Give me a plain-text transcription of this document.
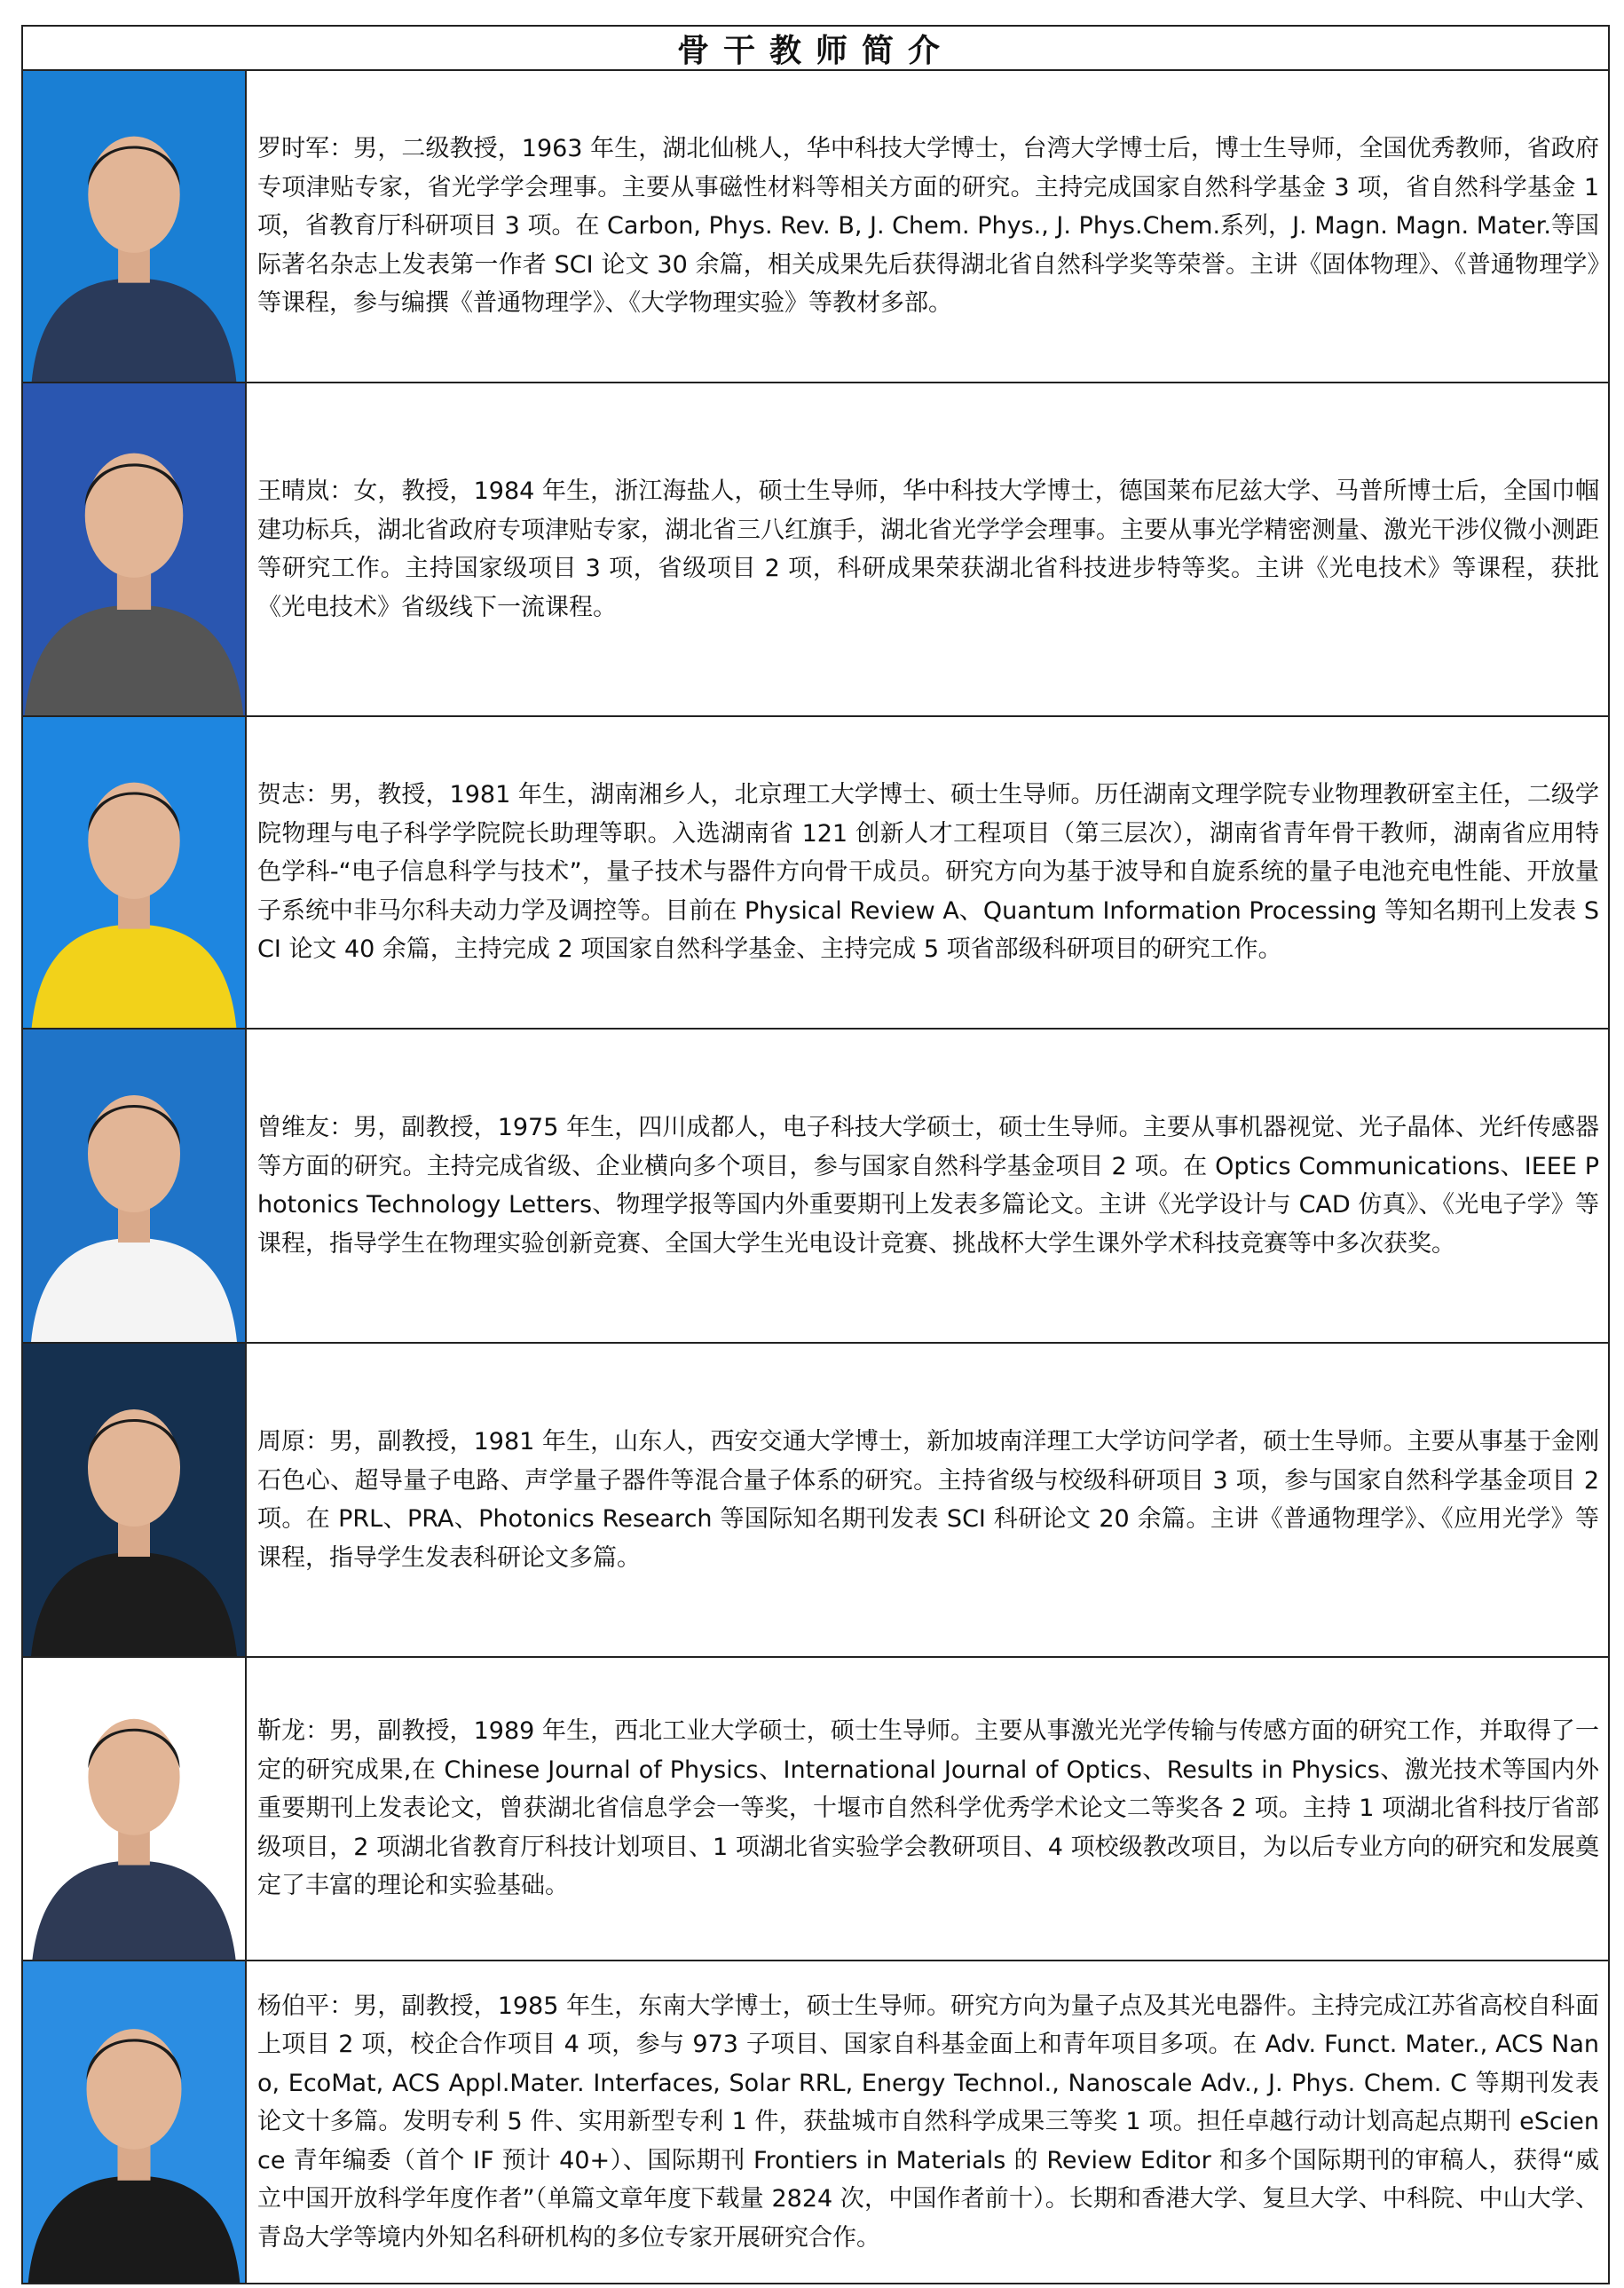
骨干教师简介

罗时军：男，二级教授，1963 年生，湖北仙桃人，华中科技大学博士，台湾大学博士后，博士生导师，全国优秀教师，省政府专项津贴专家，省光学学会理事。主要从事磁性材料等相关方面的研究。主持完成国家自然科学基金 3 项，省自然科学基金 1 项，省教育厅科研项目 3 项。在 Carbon, Phys. Rev. B, J. Chem. Phys., J. Phys.Chem.系列，J. Magn. Magn. Mater.等国际著名杂志上发表第一作者 SCI 论文 30 余篇，相关成果先后获得湖北省自然科学奖等荣誉。主讲《固体物理》、《普通物理学》等课程，参与编撰《普通物理学》、《大学物理实验》等教材多部。

王晴岚：女，教授，1984 年生，浙江海盐人，硕士生导师，华中科技大学博士，德国莱布尼兹大学、马普所博士后，全国巾帼建功标兵，湖北省政府专项津贴专家，湖北省三八红旗手，湖北省光学学会理事。主要从事光学精密测量、激光干涉仪微小测距等研究工作。主持国家级项目 3 项，省级项目 2 项，科研成果荣获湖北省科技进步特等奖。主讲《光电技术》等课程，获批《光电技术》省级线下一流课程。

贺志：男，教授，1981 年生，湖南湘乡人，北京理工大学博士、硕士生导师。历任湖南文理学院专业物理教研室主任，二级学院物理与电子科学学院院长助理等职。入选湖南省 121 创新人才工程项目（第三层次），湖南省青年骨干教师，湖南省应用特色学科-“电子信息科学与技术”，量子技术与器件方向骨干成员。研究方向为基于波导和自旋系统的量子电池充电性能、开放量子系统中非马尔科夫动力学及调控等。目前在 Physical Review A、Quantum Information Processing 等知名期刊上发表 SCI 论文 40 余篇，主持完成 2 项国家自然科学基金、主持完成 5 项省部级科研项目的研究工作。

曾维友：男，副教授，1975 年生，四川成都人，电子科技大学硕士，硕士生导师。主要从事机器视觉、光子晶体、光纤传感器等方面的研究。主持完成省级、企业横向多个项目，参与国家自然科学基金项目 2 项。在 Optics Communications、IEEE Photonics Technology Letters、物理学报等国内外重要期刊上发表多篇论文。主讲《光学设计与 CAD 仿真》、《光电子学》等课程，指导学生在物理实验创新竞赛、全国大学生光电设计竞赛、挑战杯大学生课外学术科技竞赛等中多次获奖。

周原：男，副教授，1981 年生，山东人，西安交通大学博士，新加坡南洋理工大学访问学者，硕士生导师。主要从事基于金刚石色心、超导量子电路、声学量子器件等混合量子体系的研究。主持省级与校级科研项目 3 项，参与国家自然科学基金项目 2 项。在 PRL、PRA、Photonics Research 等国际知名期刊发表 SCI 科研论文 20 余篇。主讲《普通物理学》、《应用光学》等课程，指导学生发表科研论文多篇。

靳龙：男，副教授，1989 年生，西北工业大学硕士，硕士生导师。主要从事激光光学传输与传感方面的研究工作，并取得了一定的研究成果,在 Chinese Journal of Physics、International Journal of Optics、Results in Physics、激光技术等国内外重要期刊上发表论文，曾获湖北省信息学会一等奖，十堰市自然科学优秀学术论文二等奖各 2 项。主持 1 项湖北省科技厅省部级项目，2 项湖北省教育厅科技计划项目、1 项湖北省实验学会教研项目、4 项校级教改项目，为以后专业方向的研究和发展奠定了丰富的理论和实验基础。

杨伯平：男，副教授，1985 年生，东南大学博士，硕士生导师。研究方向为量子点及其光电器件。主持完成江苏省高校自科面上项目 2 项，校企合作项目 4 项，参与 973 子项目、国家自科基金面上和青年项目多项。在 Adv. Funct. Mater., ACS Nano, EcoMat, ACS Appl.Mater. Interfaces, Solar RRL, Energy Technol., Nanoscale Adv., J. Phys. Chem. C 等期刊发表论文十多篇。发明专利 5 件、实用新型专利 1 件，获盐城市自然科学成果三等奖 1 项。担任卓越行动计划高起点期刊 eScience 青年编委（首个 IF 预计 40+）、国际期刊 Frontiers in Materials 的 Review Editor 和多个国际期刊的审稿人，获得“威立中国开放科学年度作者”（单篇文章年度下载量 2824 次，中国作者前十）。长期和香港大学、复旦大学、中科院、中山大学、青岛大学等境内外知名科研机构的多位专家开展研究合作。
